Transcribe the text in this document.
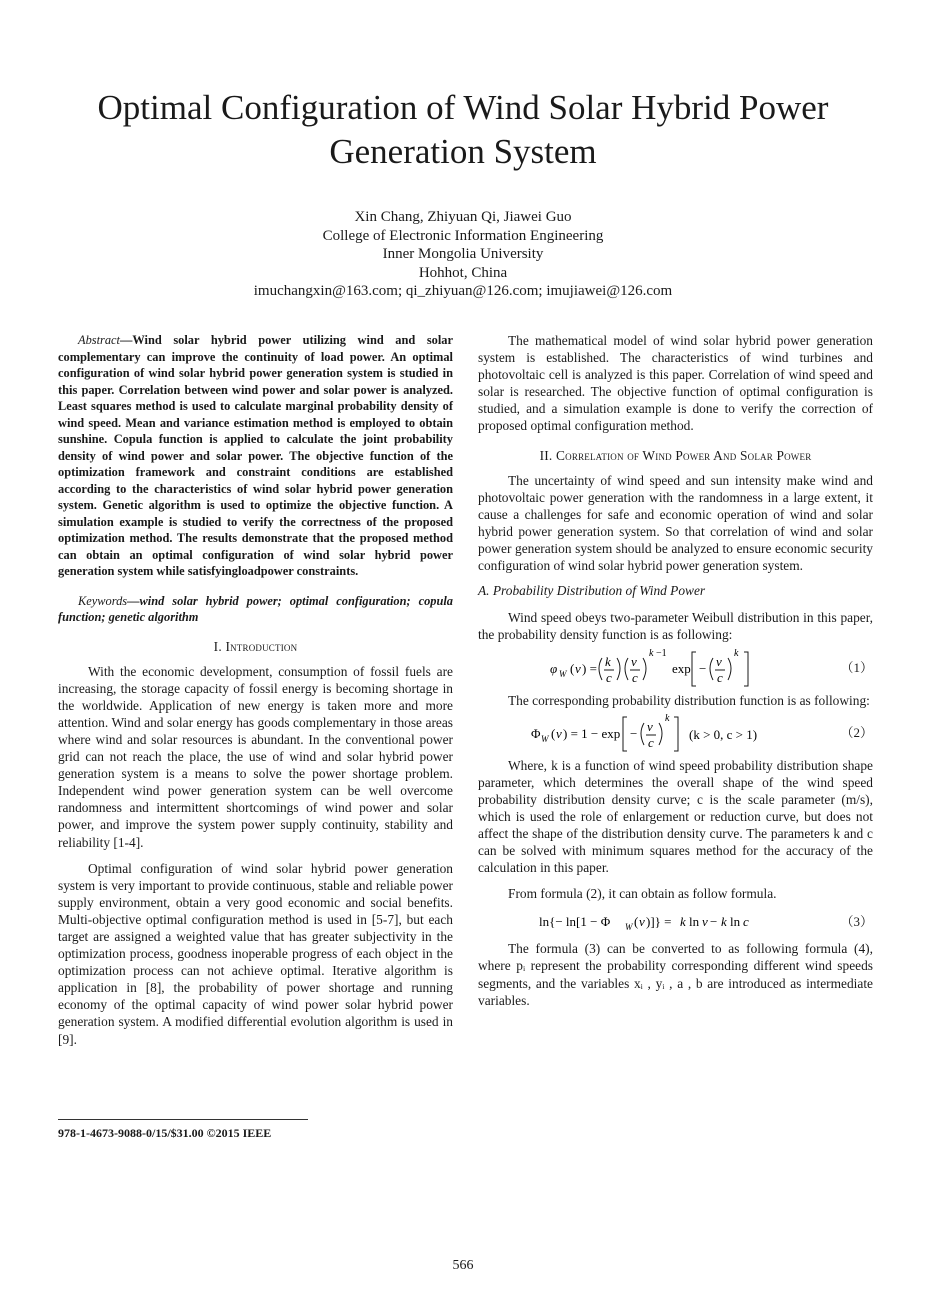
Optimal Configuration of Wind Solar Hybrid Power Generation System
Xin Chang, Zhiyuan Qi, Jiawei Guo
College of Electronic Information Engineering
Inner Mongolia University
Hohhot, China
imuchangxin@163.com; qi_zhiyuan@126.com; imujiawei@126.com

Abstract—Wind solar hybrid power utilizing wind and solar complementary can improve the continuity of load power. An optimal configuration of wind solar hybrid power generation system is studied in this paper. Correlation between wind power and solar power is analyzed. Least squares method is used to calculate marginal probability density of wind speed. Mean and variance estimation method is employed to obtain sunshine. Copula function is applied to calculate the joint probability density of wind power and solar power. The objective function of the optimization framework and constraint conditions are established according to the characteristics of wind solar hybrid power generation system. Genetic algorithm is used to optimize the objective function. A simulation example is studied to verify the correctness of the proposed optimization method. The results demonstrate that the proposed method can obtain an optimal configuration of wind solar hybrid power generation system while satisfyingloadpower constraints.

Keywords—wind solar hybrid power; optimal configuration; copula function; genetic algorithm

I. Introduction

With the economic development, consumption of fossil fuels are increasing, the storage capacity of fossil energy is becoming shortage in the worldwide. Application of new energy is taken more and more attention. Wind and solar energy has goods complementary in those areas where wind and solar resources is abundant. In the conventional power grid can not reach the place, the use of wind and solar hybrid power generation system is a means to solve the power shortage problem. Independent wind power generation system can be well overcome randomness and intermittent shortcomings of wind power and solar power, and improve the system power supply continuity, stability and reliability [1-4].

Optimal configuration of wind solar hybrid power generation system is very important to provide continuous, stable and reliable power supply environment, obtain a very good economic and social benefits. Multi-objective optimal configuration method is used in [5-7], but each target are assigned a weighted value that has greater subjectivity in the optimization process, goodness inoperable progress of each object in the optimization process can not achieve optimal. Iterative algorithm is application in [8], the probability of power shortage and running economy of the optimal capacity of wind power solar hybrid power generation system. A modified differential evolution algorithm is used in [9].

The mathematical model of wind solar hybrid power generation system is established. The characteristics of wind turbines and photovoltaic cell is analyzed is this paper. Correlation of wind speed and solar is researched. The objective function of optimal configuration is studied, and a simulation example is done to verify the correction of proposed optimal configuration method.

II. Correlation of Wind Power And Solar Power

The uncertainty of wind speed and sun intensity make wind and photovoltaic power generation with the randomness in a large extent, it cause a challenges for safe and economic operation of wind and solar hybrid power generation system. So that correlation of wind and solar power generation system should be analyzed to ensure economic security configuration of wind solar hybrid power generation system.

A. Probability Distribution of Wind Power

Wind speed obeys two-parameter Weibull distribution in this paper, the probability density function is as following:

φ W ( v ) = k
c
v
c
k −1
exp − v
c
k
（1）

The corresponding probability distribution function is as following:

Φ W ( v ) = 1 − exp − v
c
k
(k > 0, c > 1)	（2）

Where, k is a function of wind speed probability distribution shape parameter, which determines the overall shape of the wind speed probability distribution density curve; c is the scale parameter (m/s), which is used the role of enlargement or reduction curve, but does not affect the shape of the distribution density curve. The parameters k and c can be solved with minimum squares method for the accuracy of the calculation in this paper.

From formula (2), it can obtain as follow formula.

ln{− ln[1 − Φ W ( v )]} = k ln v − k ln c	（3）

The formula (3) can be converted to as following formula (4), where pᵢ represent the probability corresponding different wind speeds segments, and the variables xᵢ , yᵢ , a , b are introduced as intermediate variables.

978-1-4673-9088-0/15/$31.00 ©2015 IEEE
566
